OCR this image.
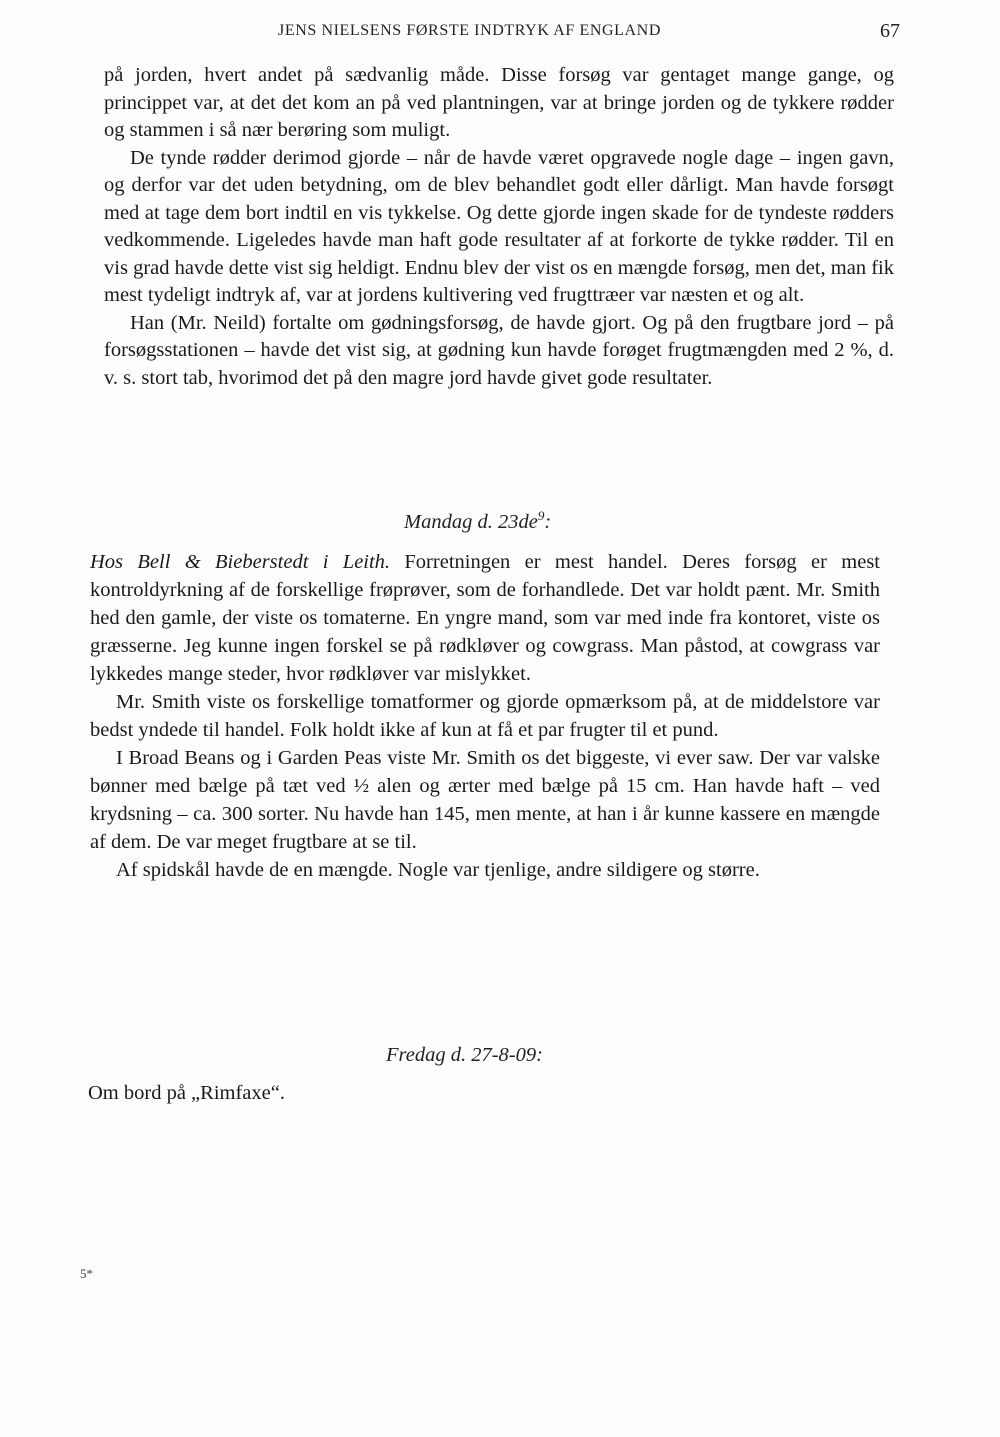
JENS NIELSENS FØRSTE INDTRYK AF ENGLAND	67

på jorden, hvert andet på sædvanlig måde. Disse forsøg var gentaget mange gange, og princippet var, at det det kom an på ved plantningen, var at bringe jorden og de tykkere rødder og stammen i så nær berøring som muligt.

De tynde rødder derimod gjorde – når de havde været opgravede nogle dage – ingen gavn, og derfor var det uden betydning, om de blev behandlet godt eller dårligt. Man havde forsøgt med at tage dem bort indtil en vis tykkelse. Og dette gjorde ingen skade for de tyndeste rødders vedkommende. Ligeledes havde man haft gode resultater af at forkorte de tykke rødder. Til en vis grad havde dette vist sig heldigt. Endnu blev der vist os en mængde forsøg, men det, man fik mest tydeligt indtryk af, var at jordens kultivering ved frugttræer var næsten et og alt.

Han (Mr. Neild) fortalte om gødningsforsøg, de havde gjort. Og på den frugtbare jord – på forsøgsstationen – havde det vist sig, at gødning kun havde forøget frugtmængden med 2 %, d. v. s. stort tab, hvorimod det på den magre jord havde givet gode resultater.

Mandag d. $23de^9$:

Hos Bell & Bieberstedt i Leith. Forretningen er mest handel. Deres forsøg er mest kontroldyrkning af de forskellige frøprøver, som de forhandlede. Det var holdt pænt. Mr. Smith hed den gamle, der viste os tomaterne. En yngre mand, som var med inde fra kontoret, viste os græsserne. Jeg kunne ingen forskel se på rødkløver og cowgrass. Man påstod, at cowgrass var lykkedes mange steder, hvor rødkløver var mislykket.

Mr. Smith viste os forskellige tomatformer og gjorde opmærksom på, at de middelstore var bedst yndede til handel. Folk holdt ikke af kun at få et par frugter til et pund.

I Broad Beans og i Garden Peas viste Mr. Smith os det biggeste, vi ever saw. Der var valske bønner med bælge på tæt ved ½ alen og ærter med bælge på 15 cm. Han havde haft – ved krydsning – ca. 300 sorter. Nu havde han 145, men mente, at han i år kunne kassere en mængde af dem. De var meget frugtbare at se til.

Af spidskål havde de en mængde. Nogle var tjenlige, andre sildigere og større.

Fredag d. 27-8-09:
Om bord på „Rimfaxe“.
5*
